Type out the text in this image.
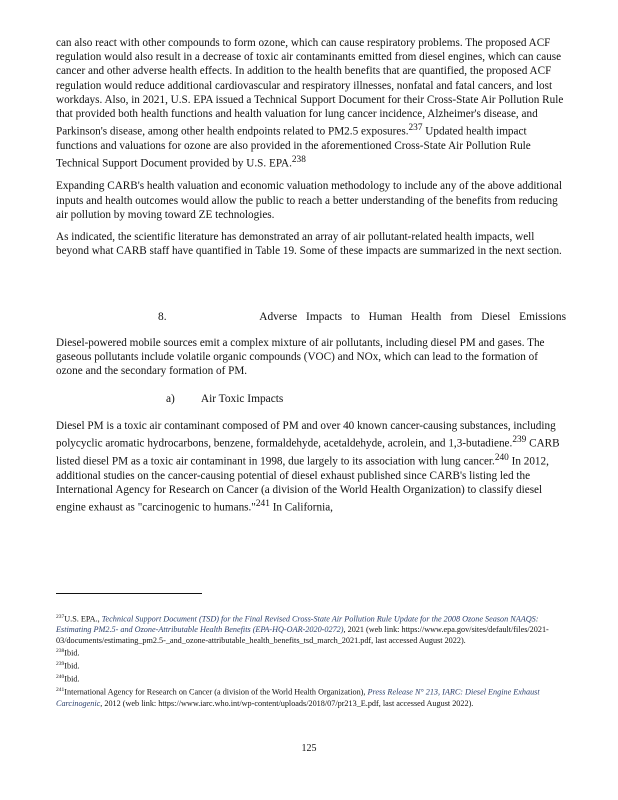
can also react with other compounds to form ozone, which can cause respiratory problems. The proposed ACF regulation would also result in a decrease of toxic air contaminants emitted from diesel engines, which can cause cancer and other adverse health effects. In addition to the health benefits that are quantified, the proposed ACF regulation would reduce additional cardiovascular and respiratory illnesses, nonfatal and fatal cancers, and lost workdays. Also, in 2021, U.S. EPA issued a Technical Support Document for their Cross-State Air Pollution Rule that provided both health functions and health valuation for lung cancer incidence, Alzheimer's disease, and Parkinson's disease, among other health endpoints related to PM2.5 exposures.$^{237}$ Updated health impact functions and valuations for ozone are also provided in the aforementioned Cross-State Air Pollution Rule Technical Support Document provided by U.S. EPA.$^{238}$

Expanding CARB's health valuation and economic valuation methodology to include any of the above additional inputs and health outcomes would allow the public to reach a better understanding of the benefits from reducing air pollution by moving toward ZE technologies.

As indicated, the scientific literature has demonstrated an array of air pollutant-related health impacts, well beyond what CARB staff have quantified in Table 19. Some of these impacts are summarized in the next section.

8.	Adverse Impacts to Human Health from Diesel Emissions

Diesel-powered mobile sources emit a complex mixture of air pollutants, including diesel PM and gases. The gaseous pollutants include volatile organic compounds (VOC) and NOx, which can lead to the formation of ozone and the secondary formation of PM.

a) Air Toxic Impacts

Diesel PM is a toxic air contaminant composed of PM and over 40 known cancer-causing substances, including polycyclic aromatic hydrocarbons, benzene, formaldehyde, acetaldehyde, acrolein, and 1,3-butadiene.$^{239}$ CARB listed diesel PM as a toxic air contaminant in 1998, due largely to its association with lung cancer.$^{240}$ In 2012, additional studies on the cancer-causing potential of diesel exhaust published since CARB's listing led the International Agency for Research on Cancer (a division of the World Health Organization) to classify diesel engine exhaust as "carcinogenic to humans."$^{241}$ In California,

$^{237}$U.S. EPA., Technical Support Document (TSD) for the Final Revised Cross-State Air Pollution Rule Update for the 2008 Ozone Season NAAQS: Estimating PM2.5- and Ozone-Attributable Health Benefits (EPA-HQ-OAR-2020-0272), 2021 (web link: https://www.epa.gov/sites/default/files/2021-03/documents/estimating_pm2.5-_and_ozone-attributable_health_benefits_tsd_march_2021.pdf, last accessed August 2022).

$^{238}$Ibid.

$^{239}$Ibid.

$^{240}$Ibid.

$^{241}$International Agency for Research on Cancer (a division of the World Health Organization), Press Release N° 213, IARC: Diesel Engine Exhaust Carcinogenic, 2012 (web link: https://www.iarc.who.int/wp-content/uploads/2018/07/pr213_E.pdf, last accessed August 2022).

125
